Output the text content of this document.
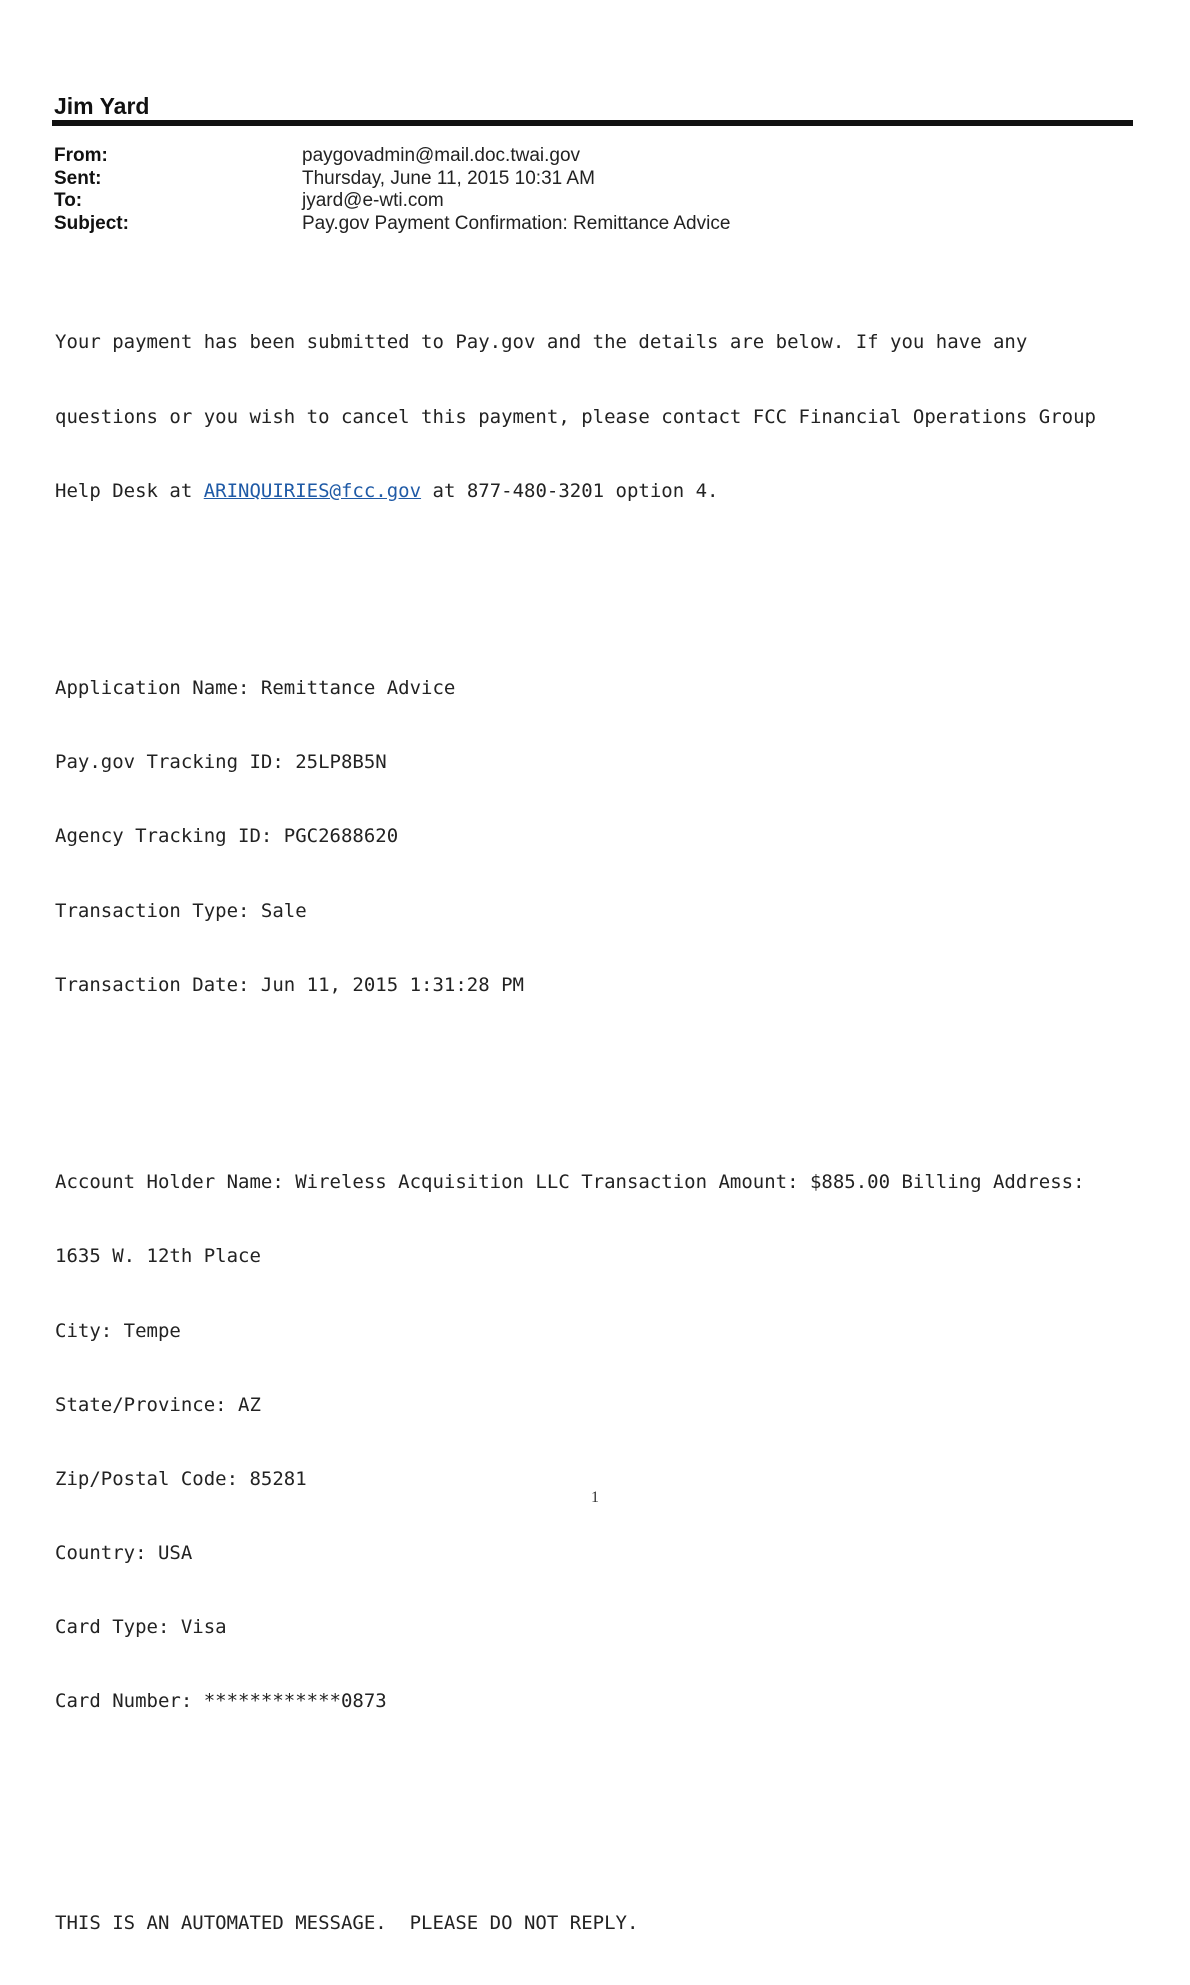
Jim Yard
From:	paygovadmin@mail.doc.twai.gov
Sent:	Thursday, June 11, 2015 10:31 AM
To:	jyard@e-wti.com
Subject:	Pay.gov Payment Confirmation: Remittance Advice

Your payment has been submitted to Pay.gov and the details are below. If you have any

questions or you wish to cancel this payment, please contact FCC Financial Operations Group

Help Desk at ARINQUIRIES@fcc.gov at 877-480-3201 option 4.

Application Name: Remittance Advice

Pay.gov Tracking ID: 25LP8B5N

Agency Tracking ID: PGC2688620

Transaction Type: Sale

Transaction Date: Jun 11, 2015 1:31:28 PM

Account Holder Name: Wireless Acquisition LLC Transaction Amount: $885.00 Billing Address:

1635 W. 12th Place

City: Tempe

State/Province: AZ

Zip/Postal Code: 85281

Country: USA

Card Type: Visa

Card Number: ************0873

THIS IS AN AUTOMATED MESSAGE.  PLEASE DO NOT REPLY.

1
